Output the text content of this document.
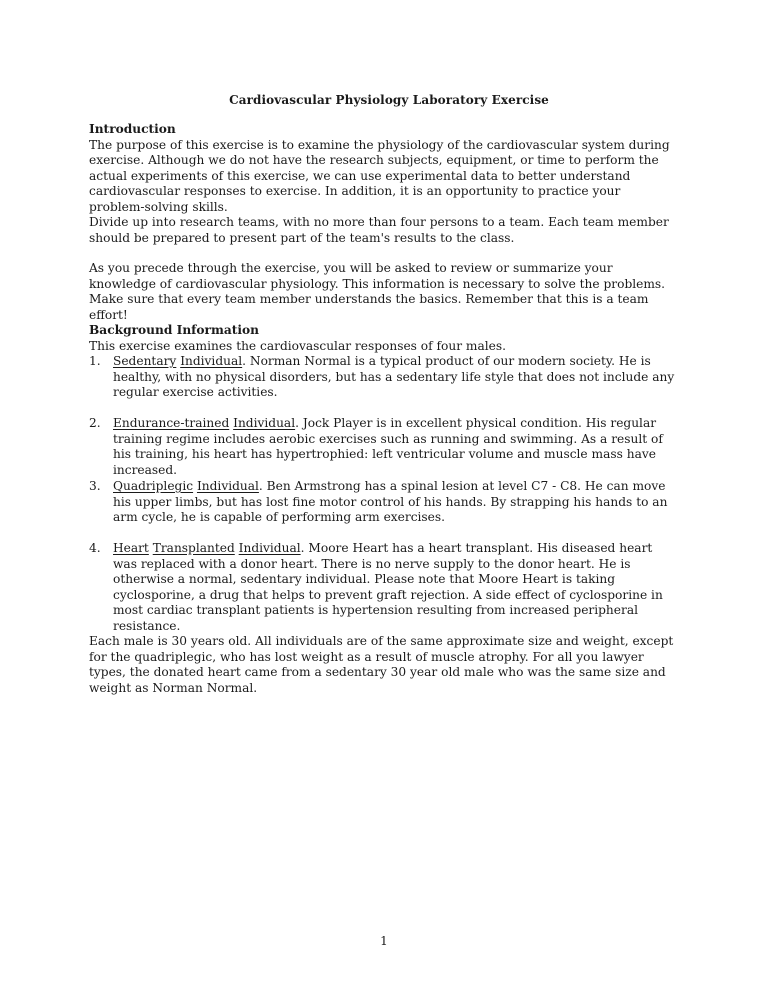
Cardiovascular Physiology Laboratory Exercise

Introduction

The purpose of this exercise is to examine the physiology of the cardiovascular system during exercise. Although we do not have the research subjects, equipment, or time to perform the actual experiments of this exercise, we can use experimental data to better understand cardiovascular responses to exercise. In addition, it is an opportunity to practice your problem-solving skills.

Divide up into research teams, with no more than four persons to a team. Each team member should be prepared to present part of the team's results to the class.

As you precede through the exercise, you will be asked to review or summarize your knowledge of cardiovascular physiology. This information is necessary to solve the problems. Make sure that every team member understands the basics. Remember that this is a team effort!

Background Information

This exercise examines the cardiovascular responses of four males.

1. Sedentary Individual. Norman Normal is a typical product of our modern society. He is healthy, with no physical disorders, but has a sedentary life style that does not include any regular exercise activities.
2. Endurance-trained Individual. Jock Player is in excellent physical condition. His regular training regime includes aerobic exercises such as running and swimming. As a result of his training, his heart has hypertrophied: left ventricular volume and muscle mass have increased.
3. Quadriplegic Individual. Ben Armstrong has a spinal lesion at level C7 - C8. He can move his upper limbs, but has lost fine motor control of his hands. By strapping his hands to an arm cycle, he is capable of performing arm exercises.
4. Heart Transplanted Individual. Moore Heart has a heart transplant. His diseased heart was replaced with a donor heart. There is no nerve supply to the donor heart. He is otherwise a normal, sedentary individual. Please note that Moore Heart is taking cyclosporine, a drug that helps to prevent graft rejection. A side effect of cyclosporine in most cardiac transplant patients is hypertension resulting from increased peripheral resistance.

Each male is 30 years old. All individuals are of the same approximate size and weight, except for the quadriplegic, who has lost weight as a result of muscle atrophy. For all you lawyer types, the donated heart came from a sedentary 30 year old male who was the same size and weight as Norman Normal.

1
